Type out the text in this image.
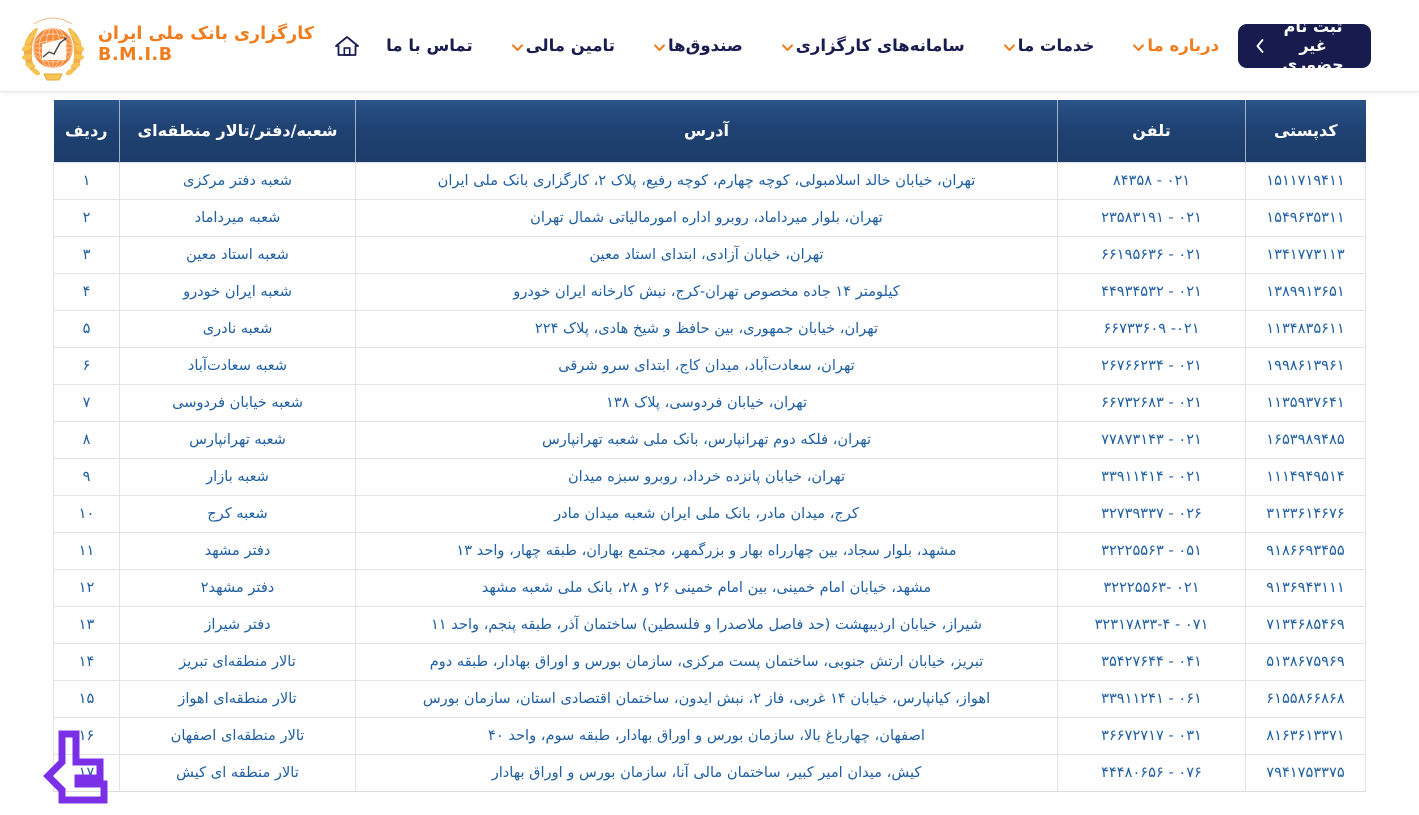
کارگزاری بانک ملی ایران
B.M.I.B	درباره ما
خدمات ما
سامانه‌های کارگزاری
صندوق‌ها
تامین مالی
تماس با ما
ثبت نام غیر حضوری
کدپستی	تلفن	آدرس	شعبه/دفتر/تالار منطقه‌ای	ردیف
۱۵۱۱۷۱۹۴۱۱	۰۲۱ - ۸۴۳۵۸	تهران، خیابان خالد اسلامبولی، کوچه چهارم، کوچه رفیع، پلاک ۲، کارگزاری بانک ملی ایران	شعبه دفتر مرکزی	۱
۱۵۴۹۶۳۵۳۱۱	۰۲۱ - ۲۳۵۸۳۱۹۱	تهران، بلوار میرداماد، روبرو اداره امورمالیاتی شمال تهران	شعبه میرداماد	۲
۱۳۴۱۷۷۳۱۱۳	۰۲۱ - ۶۶۱۹۵۶۳۶	تهران، خیابان آزادی، ابتدای استاد معین	شعبه استاد معین	۳
۱۳۸۹۹۱۳۶۵۱	۰۲۱ - ۴۴۹۳۴۵۳۲	کیلومتر ۱۴ جاده مخصوص تهران-کرج، نبش کارخانه ایران خودرو	شعبه ایران خودرو	۴
۱۱۳۴۸۳۵۶۱۱	۰۲۱- ۶۶۷۳۳۶۰۹	تهران، خیابان جمهوری، بین حافظ و شیخ هادی، پلاک ۲۲۴	شعبه نادری	۵
۱۹۹۸۶۱۳۹۶۱	۰۲۱ - ۲۶۷۶۶۲۳۴	تهران، سعادت‌آباد، میدان کاج، ابتدای سرو شرقی	شعبه سعادت‌آباد	۶
۱۱۳۵۹۳۷۶۴۱	۰۲۱ - ۶۶۷۳۲۶۸۳	تهران، خیابان فردوسی، پلاک ۱۳۸	شعبه خیابان فردوسی	۷
۱۶۵۳۹۸۹۴۸۵	۰۲۱ - ۷۷۸۷۳۱۴۳	تهران، فلکه دوم تهرانپارس، بانک ملی شعبه تهرانپارس	شعبه تهرانپارس	۸
۱۱۱۴۹۴۹۵۱۴	۰۲۱ - ۳۳۹۱۱۴۱۴	تهران، خیابان پانزده خرداد، روبرو سبزه میدان	شعبه بازار	۹
۳۱۳۳۶۱۴۶۷۶	۰۲۶ - ۳۲۷۳۹۳۳۷	کرج، میدان مادر، بانک ملی ایران شعبه میدان مادر	شعبه کرج	۱۰
۹۱۸۶۶۹۳۴۵۵	۰۵۱ - ۳۲۲۲۵۵۶۳	مشهد، بلوار سجاد، بین چهارراه بهار و بزرگمهر، مجتمع بهاران، طبقه چهار، واحد ۱۳	دفتر مشهد	۱۱
۹۱۳۶۹۴۳۱۱۱	۰۲۱ -۳۲۲۲۵۵۶۳	مشهد، خیابان امام خمینی، بین امام خمینی ۲۶ و ۲۸، بانک ملی شعبه مشهد	دفتر مشهد۲	۱۲
۷۱۳۴۶۸۵۴۶۹	۰۷۱ - ۳۲۳۱۷۸۳۳-۴	شیراز، خیابان اردیبهشت (حد فاصل ملاصدرا و فلسطین) ساختمان آذر، طبقه پنجم، واحد ۱۱	دفتر شیراز	۱۳
۵۱۳۸۶۷۵۹۶۹	۰۴۱ - ۳۵۴۲۷۶۴۴	تبریز، خیابان ارتش جنوبی، ساختمان پست مرکزی، سازمان بورس و اوراق بهادار، طبقه دوم	تالار منطقه‌ای تبریز	۱۴
۶۱۵۵۸۶۶۸۶۸	۰۶۱ - ۳۳۹۱۱۲۴۱	اهواز، کیانپارس، خیابان ۱۴ غربی، فاز ۲، نبش ایدون، ساختمان اقتصادی استان، سازمان بورس	تالار منطقه‌ای اهواز	۱۵
۸۱۶۳۶۱۳۳۷۱	۰۳۱ - ۳۶۶۷۲۷۱۷	اصفهان، چهارباغ بالا، سازمان بورس و اوراق بهادار، طبقه سوم، واحد ۴۰	تالار منطقه‌ای اصفهان	۱۶
۷۹۴۱۷۵۳۳۷۵	۰۷۶ - ۴۴۴۸۰۶۵۶	کیش، میدان امیر کبیر، ساختمان مالی آنا، سازمان بورس و اوراق بهادار	تالار منطقه ای کیش	۱۷
